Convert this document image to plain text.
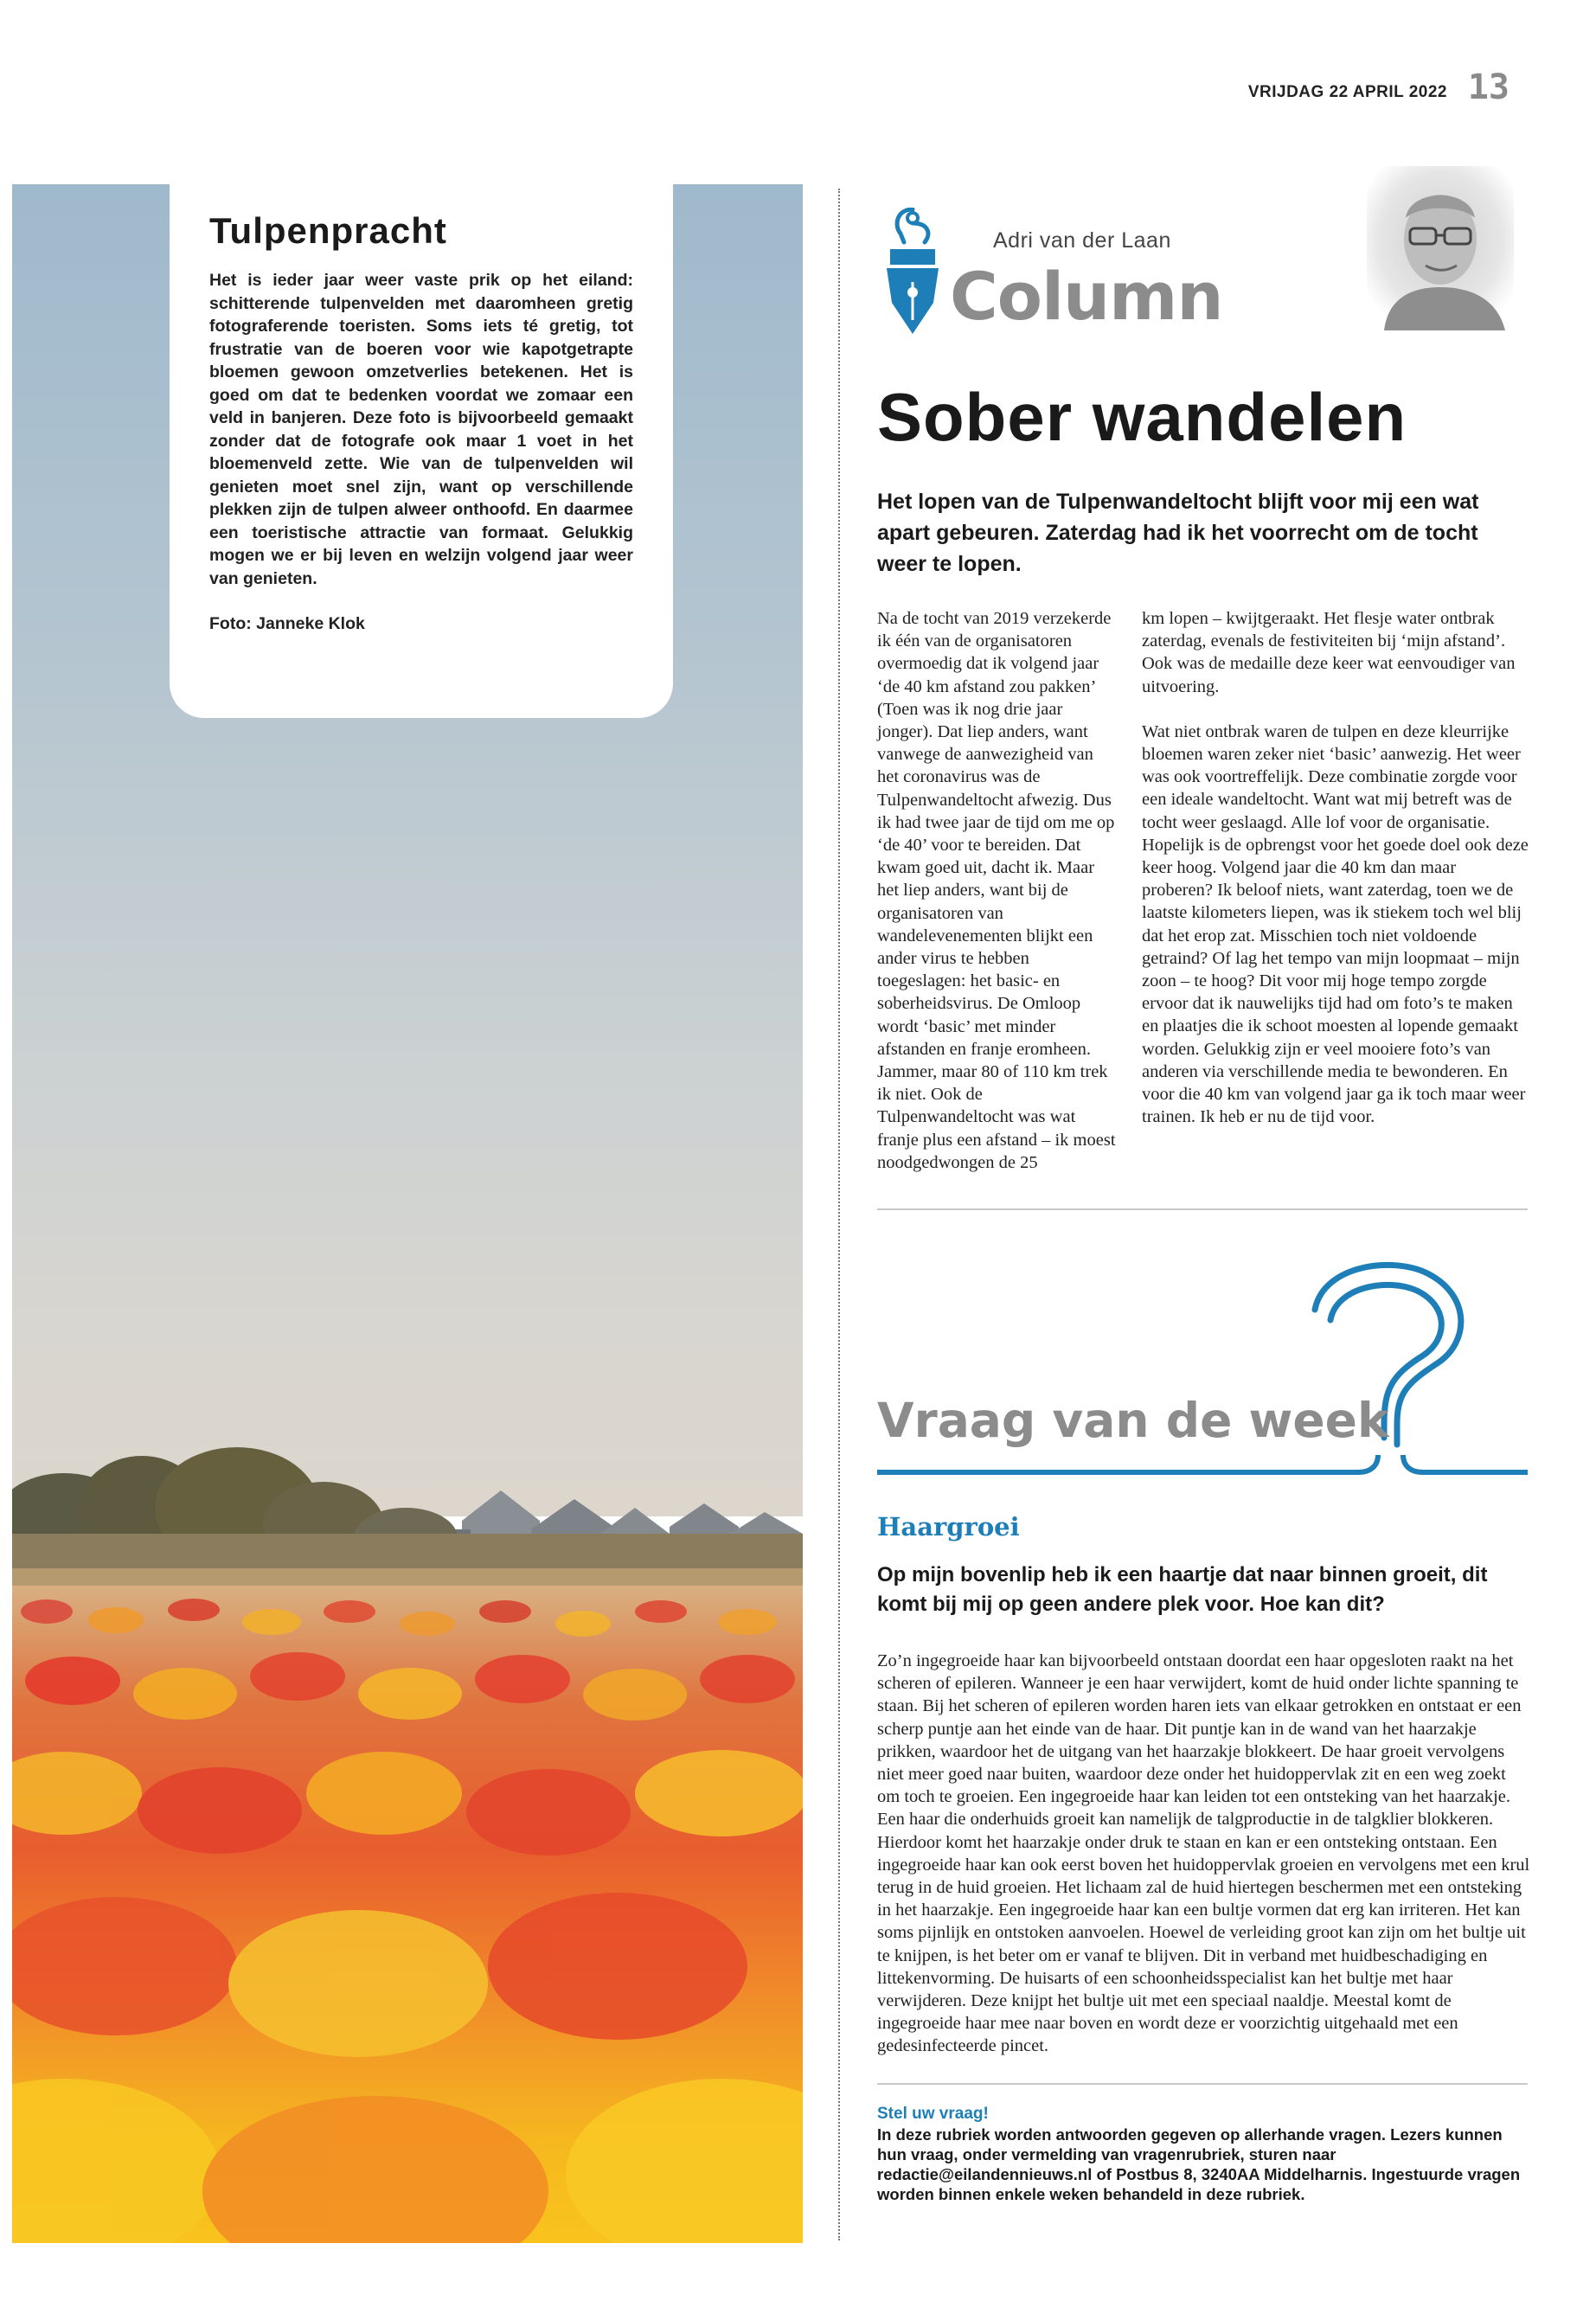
VRIJDAG 22 APRIL 2022 13
Tulpenpracht
Het is ieder jaar weer vaste prik op het eiland: schitterende tulpenvelden met daaromheen gretig fotograferende toeristen. Soms iets té gretig, tot frustratie van de boeren voor wie kapotgetrapte bloemen gewoon omzetverlies betekenen. Het is goed om dat te bedenken voordat we zomaar een veld in banjeren. Deze foto is bijvoorbeeld gemaakt zonder dat de fotografe ook maar 1 voet in het bloemenveld zette. Wie van de tulpenvelden wil genieten moet snel zijn, want op verschillende plekken zijn de tulpen alweer onthoofd. En daarmee een toeristische attractie van formaat. Gelukkig mogen we er bij leven en welzijn volgend jaar weer van genieten.
Foto: Janneke Klok
Adri van der Laan
Column
Sober wandelen
Het lopen van de Tulpenwandeltocht blijft voor mij een wat apart gebeuren. Zaterdag had ik het voorrecht om de tocht weer te lopen.
Na de tocht van 2019 verzekerde ik één van de organisatoren overmoedig dat ik volgend jaar ‘de 40 km afstand zou pakken’ (Toen was ik nog drie jaar jonger). Dat liep anders, want vanwege de aanwezigheid van het coronavirus was de Tulpenwandeltocht afwezig. Dus ik had twee jaar de tijd om me op ‘de 40’ voor te bereiden. Dat kwam goed uit, dacht ik. Maar het liep anders, want bij de organisatoren van wandelevenementen blijkt een ander virus te hebben toegeslagen: het basic- en soberheidsvirus. De Omloop wordt ‘basic’ met minder afstanden en franje eromheen. Jammer, maar 80 of 110 km trek ik niet. Ook de Tulpenwandeltocht was wat franje plus een afstand – ik moest noodgedwongen de 25

km lopen – kwijtgeraakt. Het flesje water ontbrak zaterdag, evenals de festiviteiten bij ‘mijn afstand’. Ook was de medaille deze keer wat eenvoudiger van uitvoering.

Wat niet ontbrak waren de tulpen en deze kleurrijke bloemen waren zeker niet ‘basic’ aanwezig. Het weer was ook voortreffelijk. Deze combinatie zorgde voor een ideale wandeltocht. Want wat mij betreft was de tocht weer geslaagd. Alle lof voor de organisatie. Hopelijk is de opbrengst voor het goede doel ook deze keer hoog. Volgend jaar die 40 km dan maar proberen? Ik beloof niets, want zaterdag, toen we de laatste kilometers liepen, was ik stiekem toch wel blij dat het erop zat. Misschien toch niet voldoende getraind? Of lag het tempo van mijn loopmaat – mijn zoon – te hoog? Dit voor mij hoge tempo zorgde ervoor dat ik nauwelijks tijd had om foto’s te maken en plaatjes die ik schoot moesten al lopende gemaakt worden. Gelukkig zijn er veel mooiere foto’s van anderen via verschillende media te bewonderen. En voor die 40 km van volgend jaar ga ik toch maar weer trainen. Ik heb er nu de tijd voor.

Vraag van de week
Haargroei
Op mijn bovenlip heb ik een haartje dat naar binnen groeit, dit komt bij mij op geen andere plek voor. Hoe kan dit?
Zo’n ingegroeide haar kan bijvoorbeeld ontstaan doordat een haar opgesloten raakt na het scheren of epileren. Wanneer je een haar verwijdert, komt de huid onder lichte spanning te staan. Bij het scheren of epileren worden haren iets van elkaar getrokken en ontstaat er een scherp puntje aan het einde van de haar. Dit puntje kan in de wand van het haarzakje prikken, waardoor het de uitgang van het haarzakje blokkeert. De haar groeit vervolgens niet meer goed naar buiten, waardoor deze onder het huidoppervlak zit en een weg zoekt om toch te groeien. Een ingegroeide haar kan leiden tot een ontsteking van het haarzakje. Een haar die onderhuids groeit kan namelijk de talgproductie in de talgklier blokkeren. Hierdoor komt het haarzakje onder druk te staan en kan er een ontsteking ontstaan. Een ingegroeide haar kan ook eerst boven het huidoppervlak groeien en vervolgens met een krul terug in de huid groeien. Het lichaam zal de huid hiertegen beschermen met een ontsteking in het haarzakje. Een ingegroeide haar kan een bultje vormen dat erg kan irriteren. Het kan soms pijnlijk en ontstoken aanvoelen. Hoewel de verleiding groot kan zijn om het bultje uit te knijpen, is het beter om er vanaf te blijven. Dit in verband met huidbeschadiging en littekenvorming. De huisarts of een schoonheidsspecialist kan het bultje met haar verwijderen. Deze knijpt het bultje uit met een speciaal naaldje. Meestal komt de ingegroeide haar mee naar boven en wordt deze er voorzichtig uitgehaald met een gedesinfecteerde pincet.
Stel uw vraag!
In deze rubriek worden antwoorden gegeven op allerhande vragen. Lezers kunnen hun vraag, onder vermelding van vragenrubriek, sturen naar redactie@eilandennieuws.nl of Postbus 8, 3240AA Middelharnis. Ingestuurde vragen worden binnen enkele weken behandeld in deze rubriek.
